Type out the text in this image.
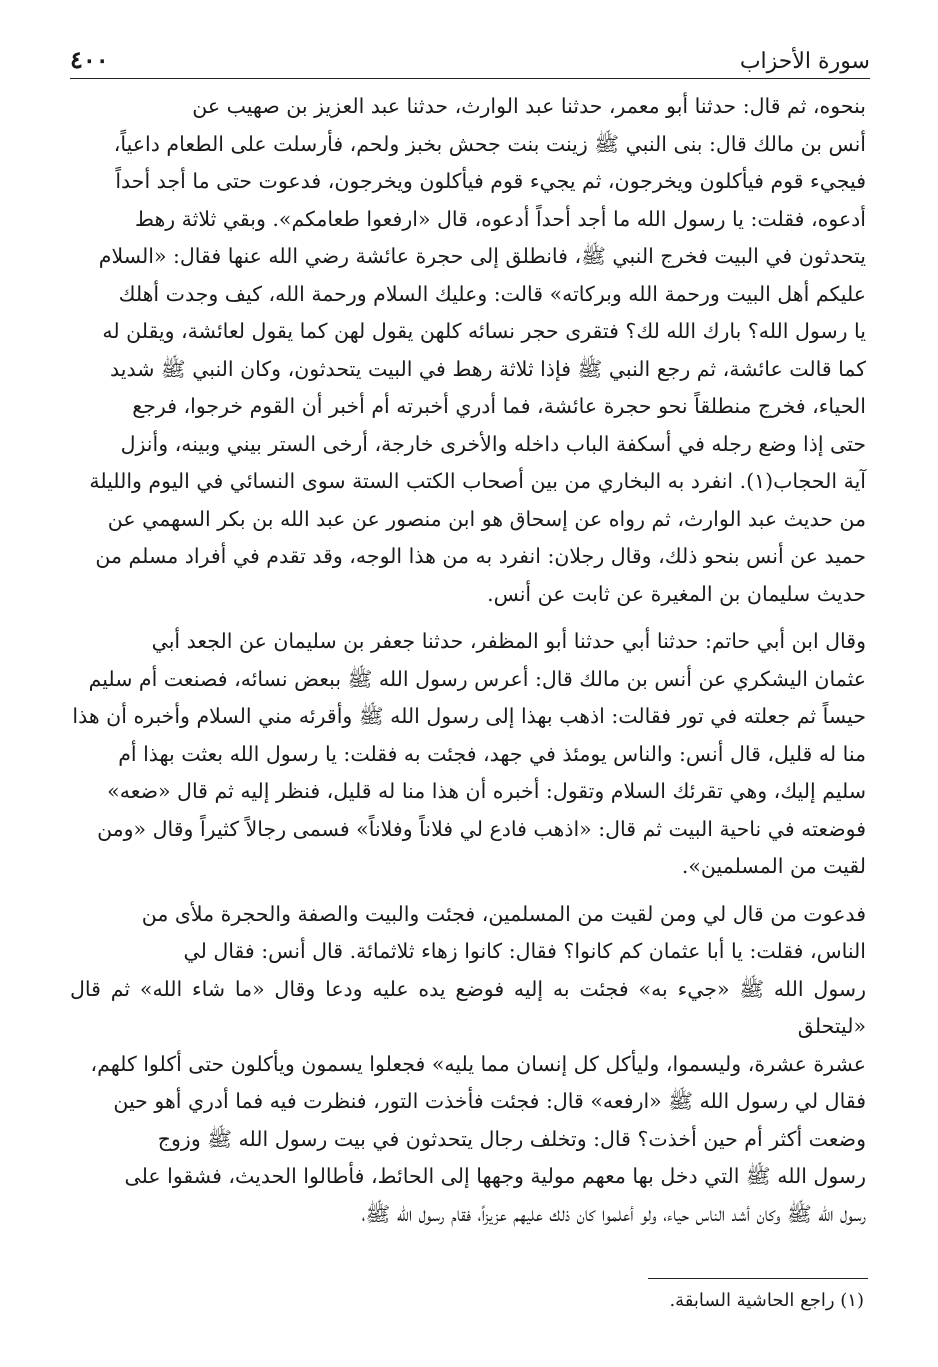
سورة الأحزاب
٤٠٠

بنحوه، ثم قال: حدثنا أبو معمر، حدثنا عبد الوارث، حدثنا عبد العزيز بن صهيب عن

أنس بن مالك قال: بنى النبي ﷺ زينت بنت جحش بخبز ولحم، فأرسلت على الطعام داعياً،

فيجيء قوم فيأكلون ويخرجون، ثم يجيء قوم فيأكلون ويخرجون، فدعوت حتى ما أجد أحداً

أدعوه، فقلت: يا رسول الله ما أجد أحداً أدعوه، قال «ارفعوا طعامكم». وبقي ثلاثة رهط

يتحدثون في البيت فخرج النبي ﷺ، فانطلق إلى حجرة عائشة رضي الله عنها فقال: «السلام

عليكم أهل البيت ورحمة الله وبركاته» قالت: وعليك السلام ورحمة الله، كيف وجدت أهلك

يا رسول الله؟ بارك الله لك؟ فتقرى حجر نسائه كلهن يقول لهن كما يقول لعائشة، ويقلن له

كما قالت عائشة، ثم رجع النبي ﷺ فإذا ثلاثة رهط في البيت يتحدثون، وكان النبي ﷺ شديد

الحياء، فخرج منطلقاً نحو حجرة عائشة، فما أدري أخبرته أم أخبر أن القوم خرجوا، فرجع

حتى إذا وضع رجله في أسكفة الباب داخله والأخرى خارجة، أرخى الستر بيني وبينه، وأنزل

آية الحجاب(١). انفرد به البخاري من بين أصحاب الكتب الستة سوى النسائي في اليوم والليلة

من حديث عبد الوارث، ثم رواه عن إسحاق هو ابن منصور عن عبد الله بن بكر السهمي عن

حميد عن أنس بنحو ذلك، وقال رجلان: انفرد به من هذا الوجه، وقد تقدم في أفراد مسلم من

حديث سليمان بن المغيرة عن ثابت عن أنس.

وقال ابن أبي حاتم: حدثنا أبي حدثنا أبو المظفر، حدثنا جعفر بن سليمان عن الجعد أبي

عثمان اليشكري عن أنس بن مالك قال: أعرس رسول الله ﷺ ببعض نسائه، فصنعت أم سليم

حيساً ثم جعلته في تور فقالت: اذهب بهذا إلى رسول الله ﷺ وأقرئه مني السلام وأخبره أن هذا

منا له قليل، قال أنس: والناس يومئذ في جهد، فجئت به فقلت: يا رسول الله بعثت بهذا أم

سليم إليك، وهي تقرئك السلام وتقول: أخبره أن هذا منا له قليل، فنظر إليه ثم قال «ضعه»

فوضعته في ناحية البيت ثم قال: «اذهب فادع لي فلاناً وفلاناً» فسمى رجالاً كثيراً وقال «ومن

لقيت من المسلمين».

فدعوت من قال لي ومن لقيت من المسلمين، فجئت والبيت والصفة والحجرة ملأى من

الناس، فقلت: يا أبا عثمان كم كانوا؟ فقال: كانوا زهاء ثلاثمائة. قال أنس: فقال لي

رسول الله ﷺ «جيء به» فجئت به إليه فوضع يده عليه ودعا وقال «ما شاء الله» ثم قال «ليتحلق

عشرة عشرة، وليسموا، وليأكل كل إنسان مما يليه» فجعلوا يسمون ويأكلون حتى أكلوا كلهم،

فقال لي رسول الله ﷺ «ارفعه» قال: فجئت فأخذت التور، فنظرت فيه فما أدري أهو حين

وضعت أكثر أم حين أخذت؟ قال: وتخلف رجال يتحدثون في بيت رسول الله ﷺ وزوج

رسول الله ﷺ التي دخل بها معهم مولية وجهها إلى الحائط، فأطالوا الحديث، فشقوا على

رسول الله ﷺ وكان أشد الناس حياء، ولو أعلموا كان ذلك عليهم عزيزاً، فقام رسول الله ﷺ،

(١) راجع الحاشية السابقة.
